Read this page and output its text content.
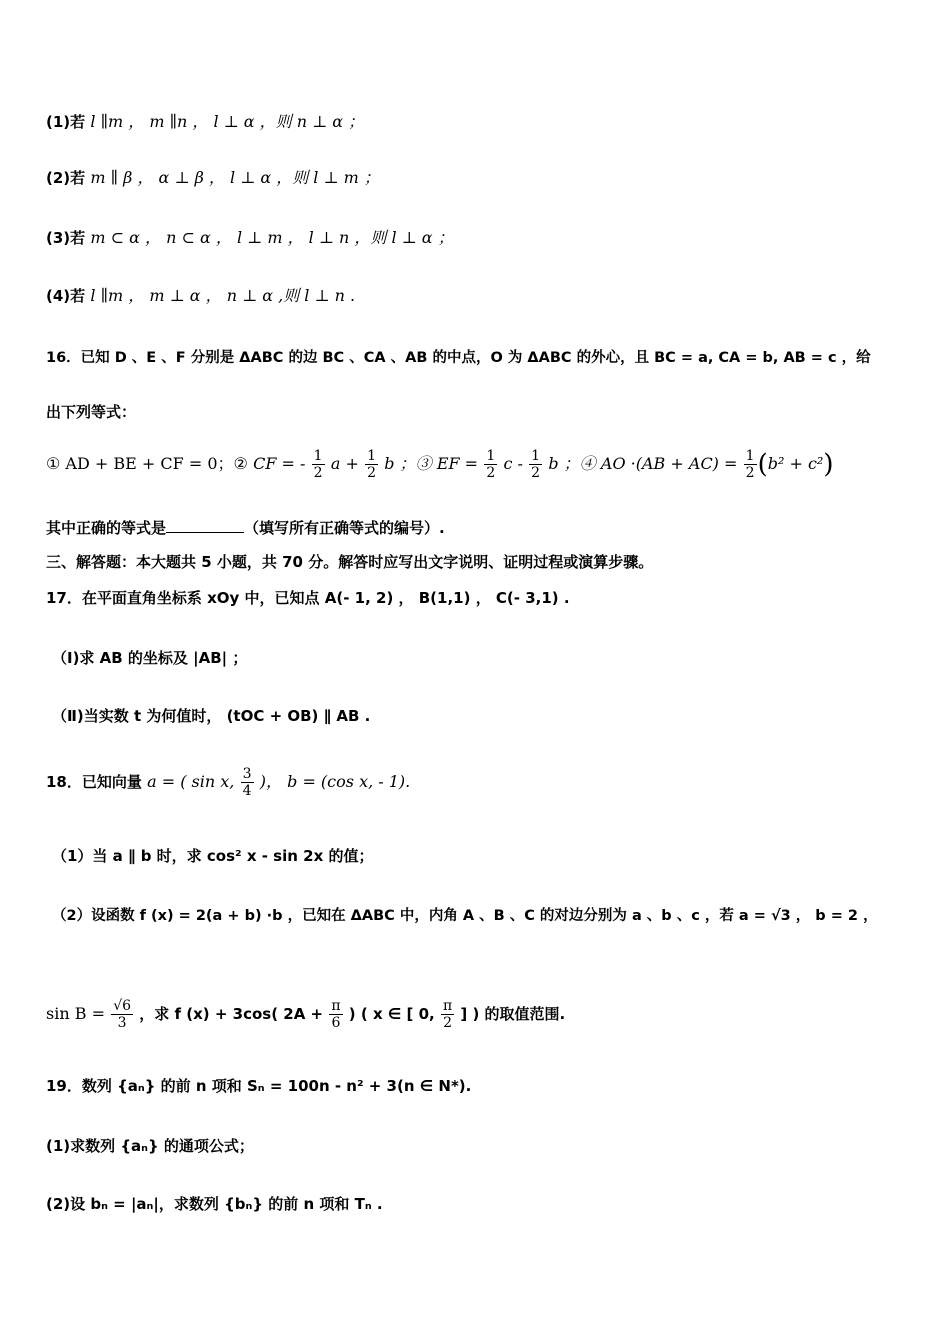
(1)若 l ∥m ， m ∥n ， l ⊥ α ，则 n ⊥ α ；
(2)若 m ∥ β ， α ⊥ β ， l ⊥ α ，则 l ⊥ m ；
(3)若 m ⊂ α ， n ⊂ α ， l ⊥ m ， l ⊥ n ，则 l ⊥ α ；
(4)若 l ∥m ， m ⊥ α ， n ⊥ α ,则 l ⊥ n .
16．已知 D 、E 、F 分别是 ΔABC 的边 BC 、CA 、AB 的中点，O 为 ΔABC 的外心，且 BC = a, CA = b, AB = c ，给
出下列等式：
① AD + BE + CF = 0；② CF = - $\frac{1}{2}$ $a + \frac{1}{2}$ b ；③ EF = $\frac{1}{2}$ c - $\frac{1}{2}$ b ；④ AO $\cdot(AB + AC) = \frac{1}{2} (b^2 + c^2)$
其中正确的等式是	（填写所有正确等式的编号）.
三、解答题：本大题共 5 小题，共 70 分。解答时应写出文字说明、证明过程或演算步骤。
17．在平面直角坐标系 xOy 中，已知点 A(- 1, 2) ， B(1,1) ， C(- 3,1) .
（Ⅰ)求 AB 的坐标及 |AB| ；
（Ⅱ)当实数 t 为何值时， (tOC + OB) ∥ AB .
18．已知向量 a = ( sin x, $\frac{3}{4}$ )， b = (cos x, - 1).
（1）当 a ∥ b 时，求 cos² x - sin 2x 的值；
（2）设函数 f (x) = 2(a + b) ·b ，已知在 ΔABC 中，内角 A 、B 、C 的对边分别为 a 、b 、c ，若 a = √3 ， b = 2 ，
$\sin B = \frac{√6}{3}$ ，求 f (x) + 3cos( $2A + \frac{\pi}{6}$ ) ( x ∈ [ 0, $\frac{\pi}{2}$ ] ) 的取值范围.
19．数列 {aₙ} 的前 n 项和 Sₙ = 100n - n² + 3(n ∈ N*).
(1)求数列 {aₙ} 的通项公式；
(2)设 bₙ = |aₙ|，求数列 {bₙ} 的前 n 项和 Tₙ .
